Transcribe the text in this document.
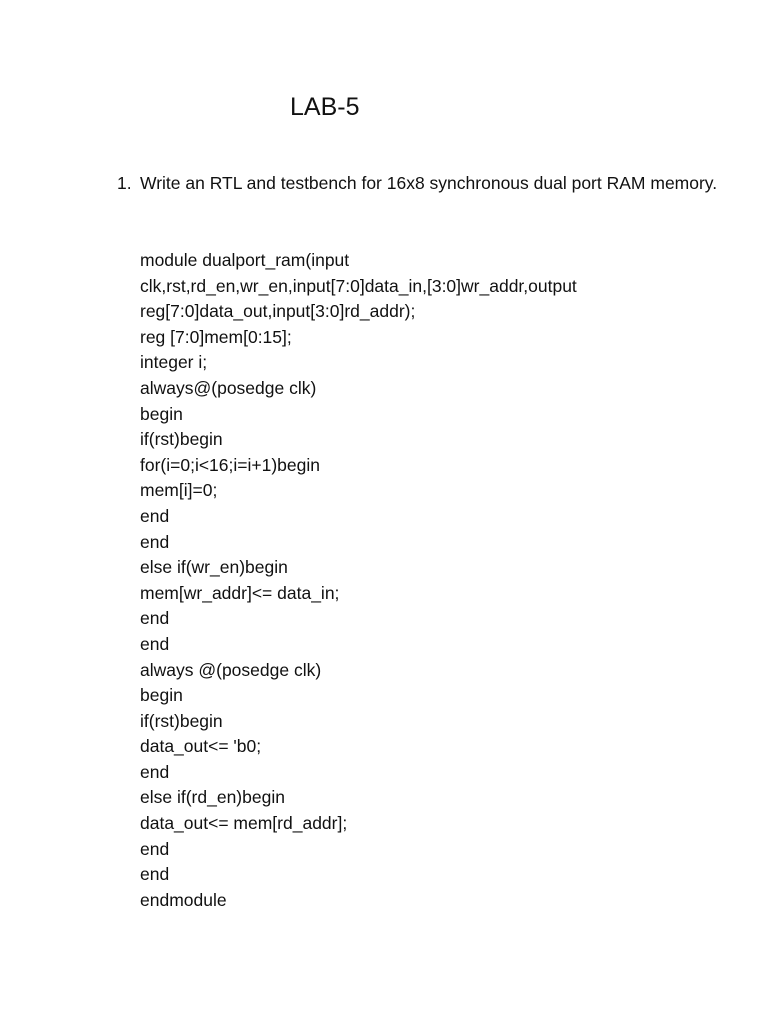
LAB-5
1. Write an RTL and testbench for 16x8 synchronous dual port RAM memory.
module dualport_ram(input
clk,rst,rd_en,wr_en,input[7:0]data_in,[3:0]wr_addr,output
reg[7:0]data_out,input[3:0]rd_addr);
reg [7:0]mem[0:15];
integer i;
always@(posedge clk)
begin
if(rst)begin
for(i=0;i<16;i=i+1)begin
mem[i]=0;
end
end
else if(wr_en)begin
mem[wr_addr]<= data_in;
end
end
always @(posedge clk)
begin
if(rst)begin
data_out<= 'b0;
end
else if(rd_en)begin
data_out<= mem[rd_addr];
end
end
endmodule
